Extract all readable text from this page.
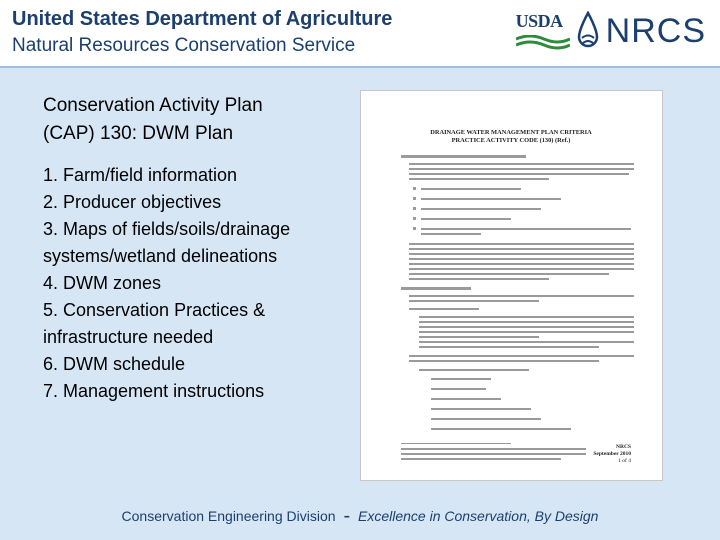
United States Department of Agriculture
Natural Resources Conservation Service
USDA NRCS
Conservation Activity Plan
(CAP) 130: DWM Plan
1. Farm/field information
2. Producer objectives
3. Maps of fields/soils/drainage systems/wetland delineations
4. DWM zones
5. Conservation Practices & infrastructure needed
6. DWM schedule
7. Management instructions
DRAINAGE WATER MANAGEMENT PLAN CRITERIA
PRACTICE ACTIVITY CODE (130) (Ref.)
NRCS
September 2010
1 of 4
Conservation Engineering Division - Excellence in Conservation, By Design
